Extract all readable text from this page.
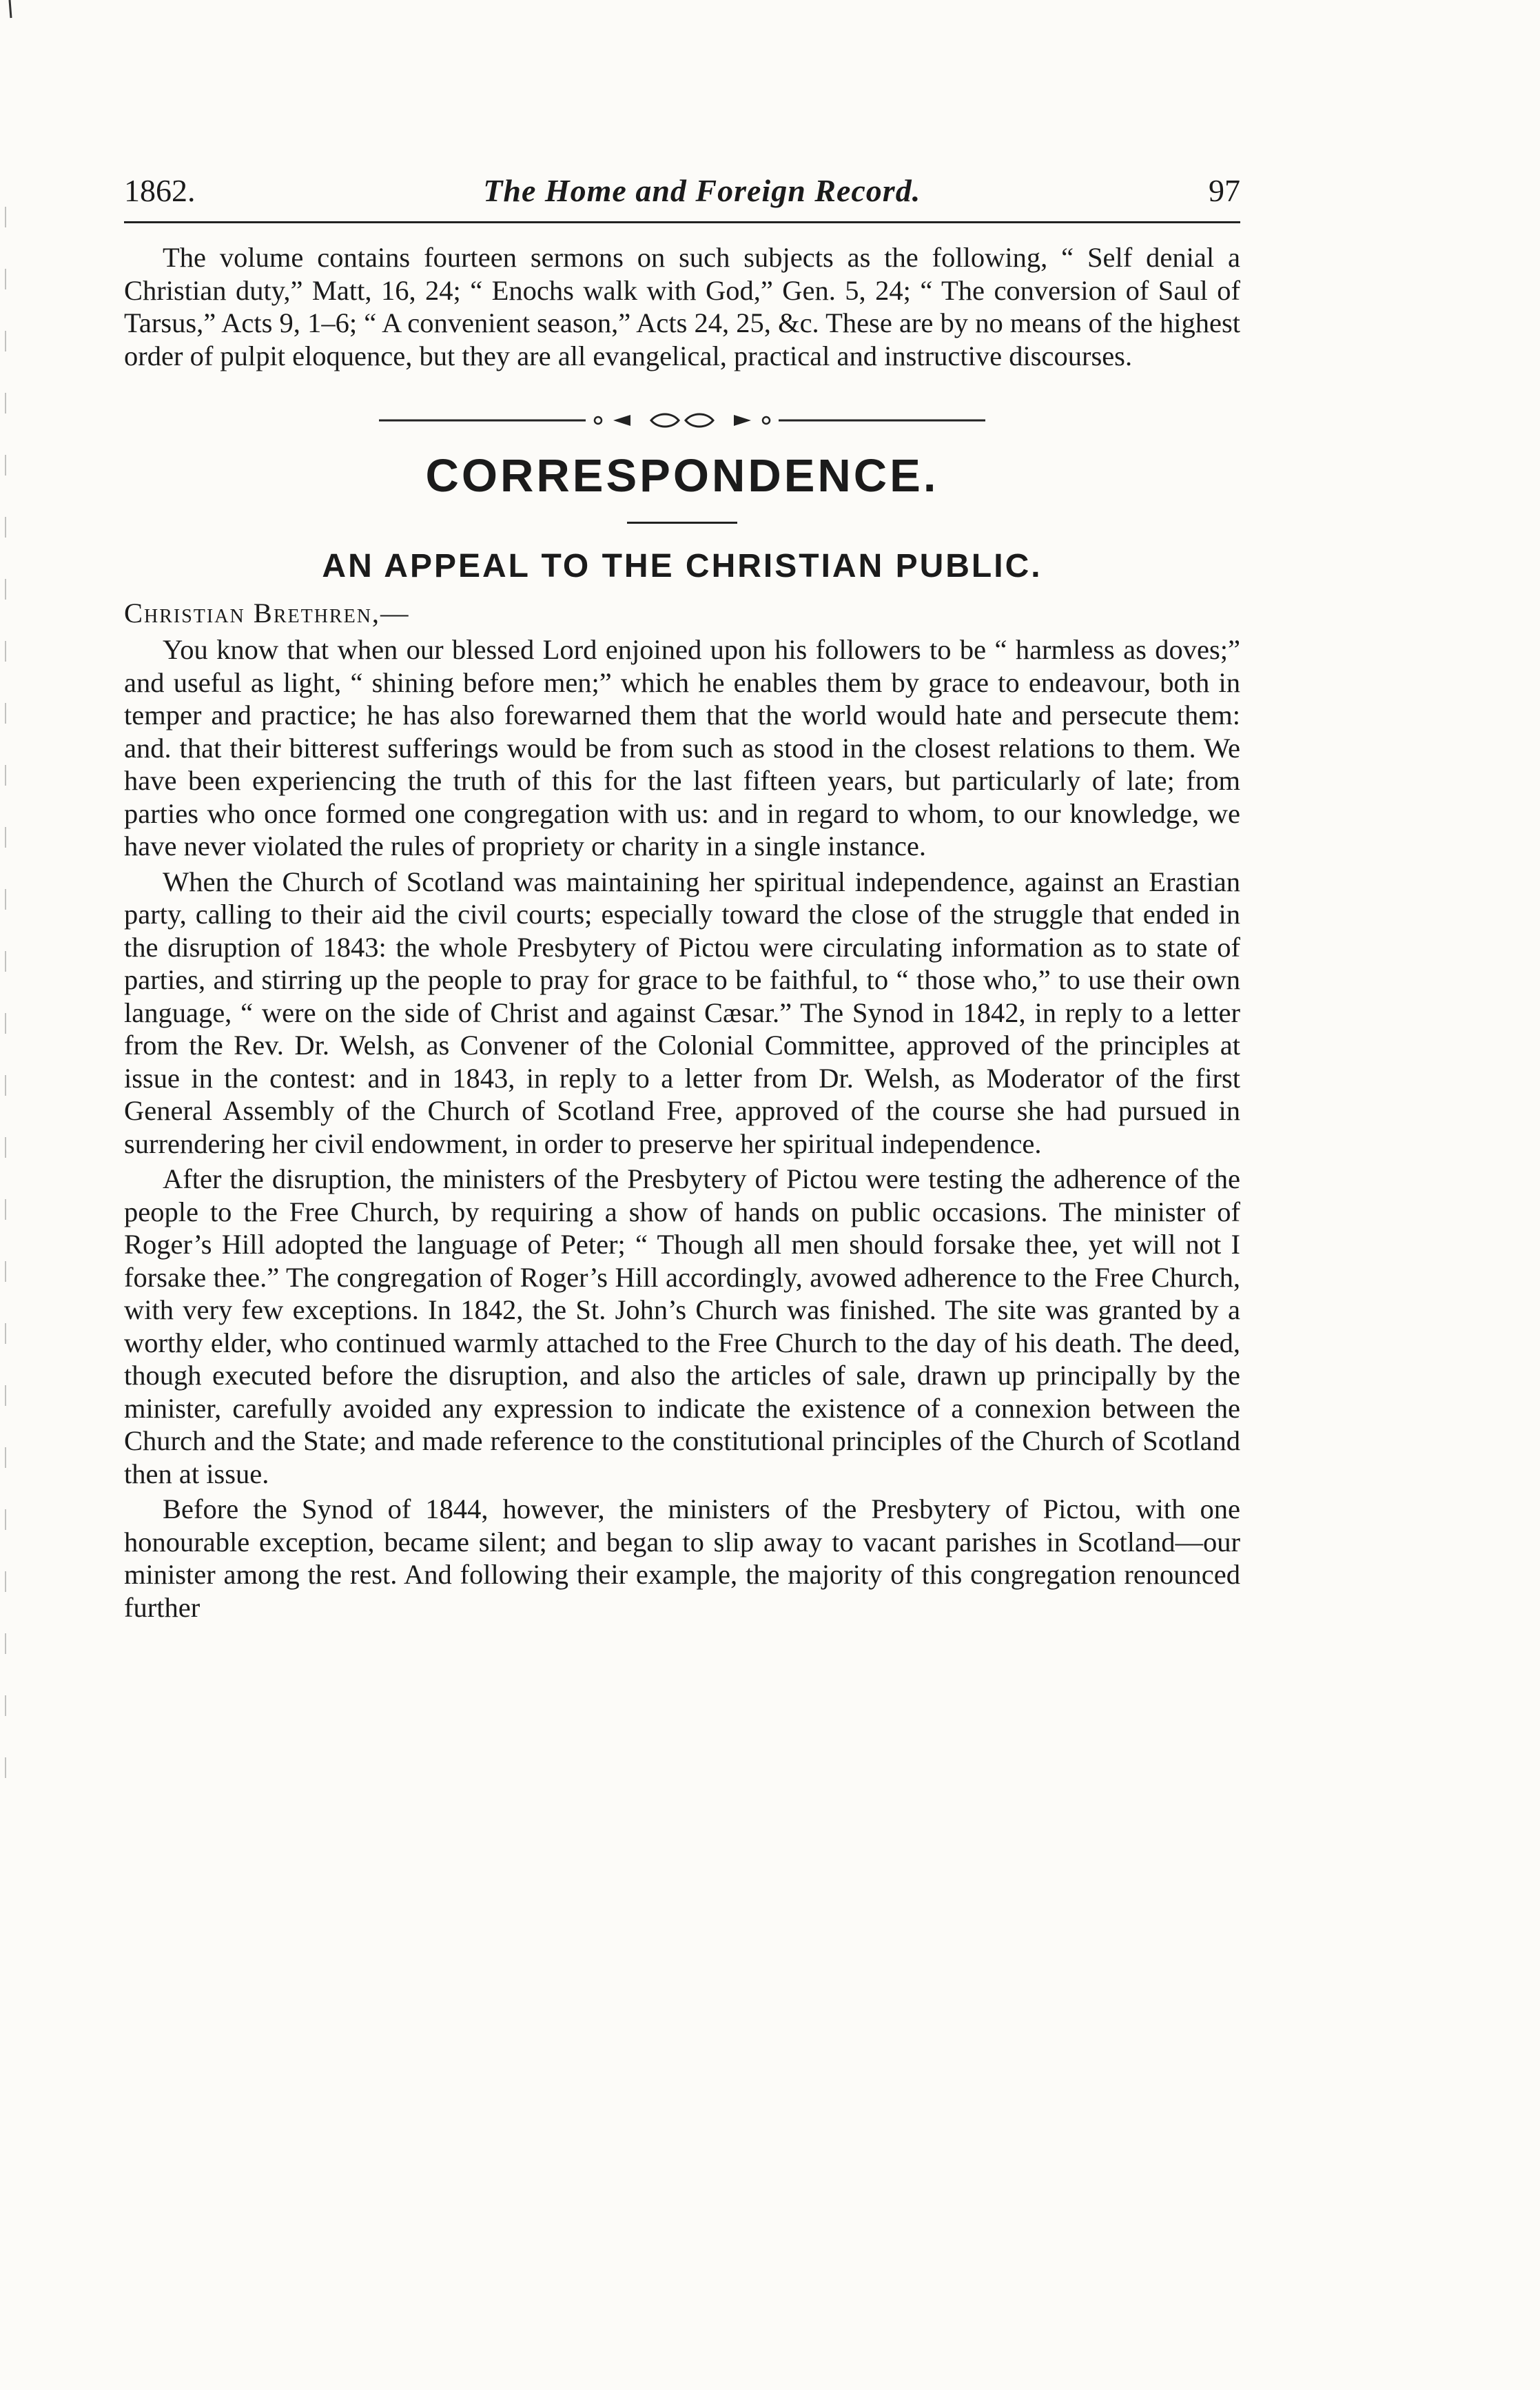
1862.	The Home and Foreign Record.	97

The volume contains fourteen sermons on such subjects as the following, “ Self denial a Christian duty,” Matt, 16, 24; “ Enochs walk with God,” Gen. 5, 24; “ The conversion of Saul of Tarsus,” Acts 9, 1–6; “ A convenient season,” Acts 24, 25, &c. These are by no means of the highest order of pulpit eloquence, but they are all evangelical, practical and instructive discourses.

CORRESPONDENCE.
AN APPEAL TO THE CHRISTIAN PUBLIC.
Christian Brethren,—

You know that when our blessed Lord enjoined upon his followers to be “ harmless as doves;” and useful as light, “ shining before men;” which he enables them by grace to endeavour, both in temper and practice; he has also forewarned them that the world would hate and persecute them: and. that their bitterest sufferings would be from such as stood in the closest relations to them. We have been experiencing the truth of this for the last fifteen years, but particularly of late; from parties who once formed one congregation with us: and in regard to whom, to our knowledge, we have never violated the rules of propriety or charity in a single instance.

When the Church of Scotland was maintaining her spiritual independence, against an Erastian party, calling to their aid the civil courts; especially toward the close of the struggle that ended in the disruption of 1843: the whole Presbytery of Pictou were circulating information as to state of parties, and stirring up the people to pray for grace to be faithful, to “ those who,” to use their own language, “ were on the side of Christ and against Cæsar.” The Synod in 1842, in reply to a letter from the Rev. Dr. Welsh, as Convener of the Colonial Committee, approved of the principles at issue in the contest: and in 1843, in reply to a letter from Dr. Welsh, as Moderator of the first General Assembly of the Church of Scotland Free, approved of the course she had pursued in surrendering her civil endowment, in order to preserve her spiritual independence.

After the disruption, the ministers of the Presbytery of Pictou were testing the adherence of the people to the Free Church, by requiring a show of hands on public occasions. The minister of Roger’s Hill adopted the language of Peter; “ Though all men should forsake thee, yet will not I forsake thee.” The congregation of Roger’s Hill accordingly, avowed adherence to the Free Church, with very few exceptions. In 1842, the St. John’s Church was finished. The site was granted by a worthy elder, who continued warmly attached to the Free Church to the day of his death. The deed, though executed before the disruption, and also the articles of sale, drawn up principally by the minister, carefully avoided any expression to indicate the existence of a connexion between the Church and the State; and made reference to the constitutional principles of the Church of Scotland then at issue.

Before the Synod of 1844, however, the ministers of the Presbytery of Pictou, with one honourable exception, became silent; and began to slip away to vacant parishes in Scotland—our minister among the rest. And following their example, the majority of this congregation renounced further
